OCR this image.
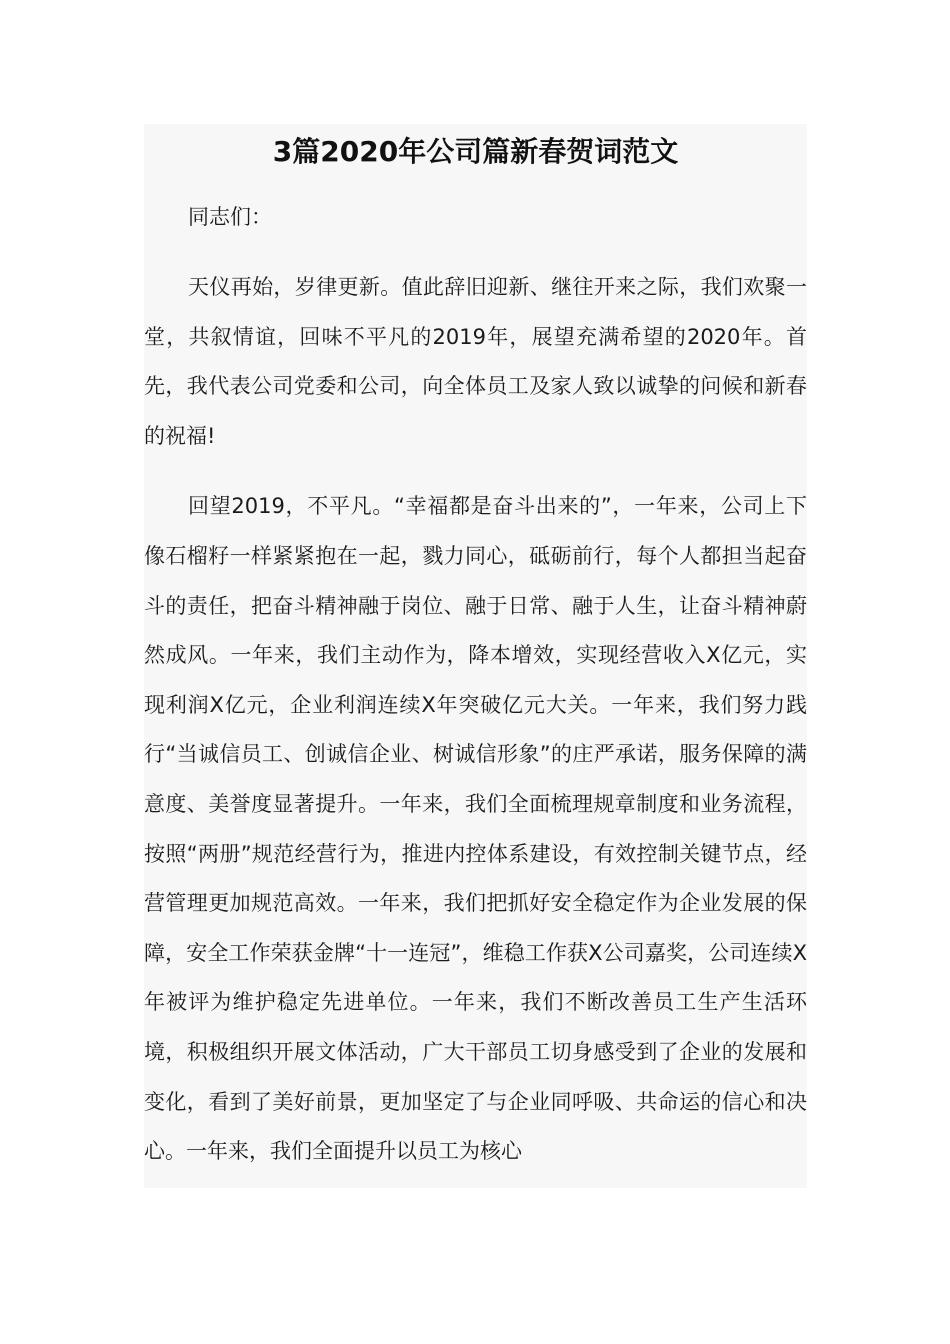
3篇2020年公司篇新春贺词范文

同志们：

天仪再始，岁律更新。值此辞旧迎新、继往开来之际，我们欢聚一堂，共叙情谊，回味不平凡的2019年，展望充满希望的2020年。首先，我代表公司党委和公司，向全体员工及家人致以诚挚的问候和新春的祝福!

回望2019，不平凡。“幸福都是奋斗出来的”，一年来，公司上下像石榴籽一样紧紧抱在一起，戮力同心，砥砺前行，每个人都担当起奋斗的责任，把奋斗精神融于岗位、融于日常、融于人生，让奋斗精神蔚然成风。一年来，我们主动作为，降本增效，实现经营收入X亿元，实现利润X亿元，企业利润连续X年突破亿元大关。一年来，我们努力践行“当诚信员工、创诚信企业、树诚信形象”的庄严承诺，服务保障的满意度、美誉度显著提升。一年来，我们全面梳理规章制度和业务流程，按照“两册”规范经营行为，推进内控体系建设，有效控制关键节点，经营管理更加规范高效。一年来，我们把抓好安全稳定作为企业发展的保障，安全工作荣获金牌“十一连冠”，维稳工作获X公司嘉奖，公司连续X年被评为维护稳定先进单位。一年来，我们不断改善员工生产生活环境，积极组织开展文体活动，广大干部员工切身感受到了企业的发展和变化，看到了美好前景，更加坚定了与企业同呼吸、共命运的信心和决心。一年来，我们全面提升以员工为核心
